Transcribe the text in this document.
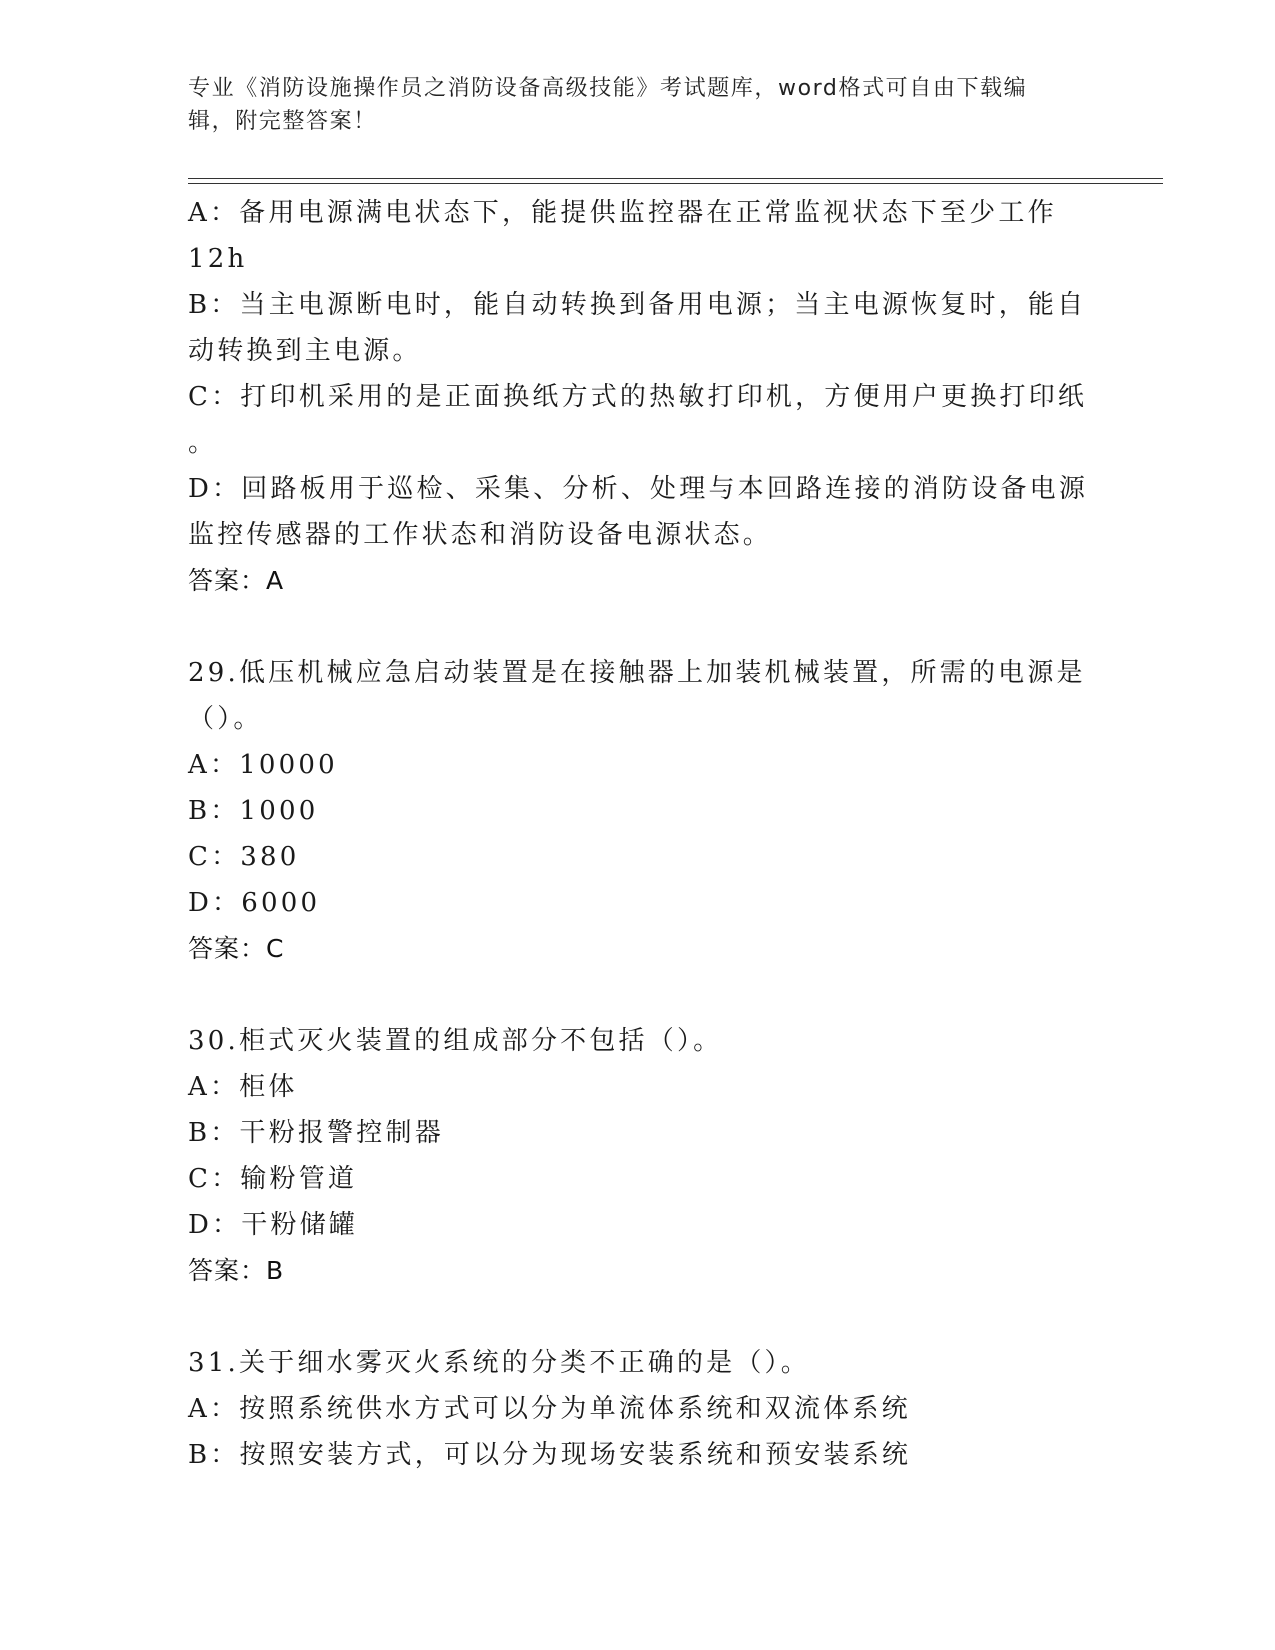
专业《消防设施操作员之消防设备高级技能》考试题库，word格式可自由下载编
辑，附完整答案！
A：备用电源满电状态下，能提供监控器在正常监视状态下至少工作
12h
B：当主电源断电时，能自动转换到备用电源；当主电源恢复时，能自
动转换到主电源。
C：打印机采用的是正面换纸方式的热敏打印机，方便用户更换打印纸
。
D：回路板用于巡检、采集、分析、处理与本回路连接的消防设备电源
监控传感器的工作状态和消防设备电源状态。
答案：A
29.低压机械应急启动装置是在接触器上加装机械装置，所需的电源是
（）。
A：10000
B：1000
C：380
D：6000
答案：C
30.柜式灭火装置的组成部分不包括（）。
A：柜体
B：干粉报警控制器
C：输粉管道
D：干粉储罐
答案：B
31.关于细水雾灭火系统的分类不正确的是（）。
A：按照系统供水方式可以分为单流体系统和双流体系统
B：按照安装方式，可以分为现场安装系统和预安装系统
